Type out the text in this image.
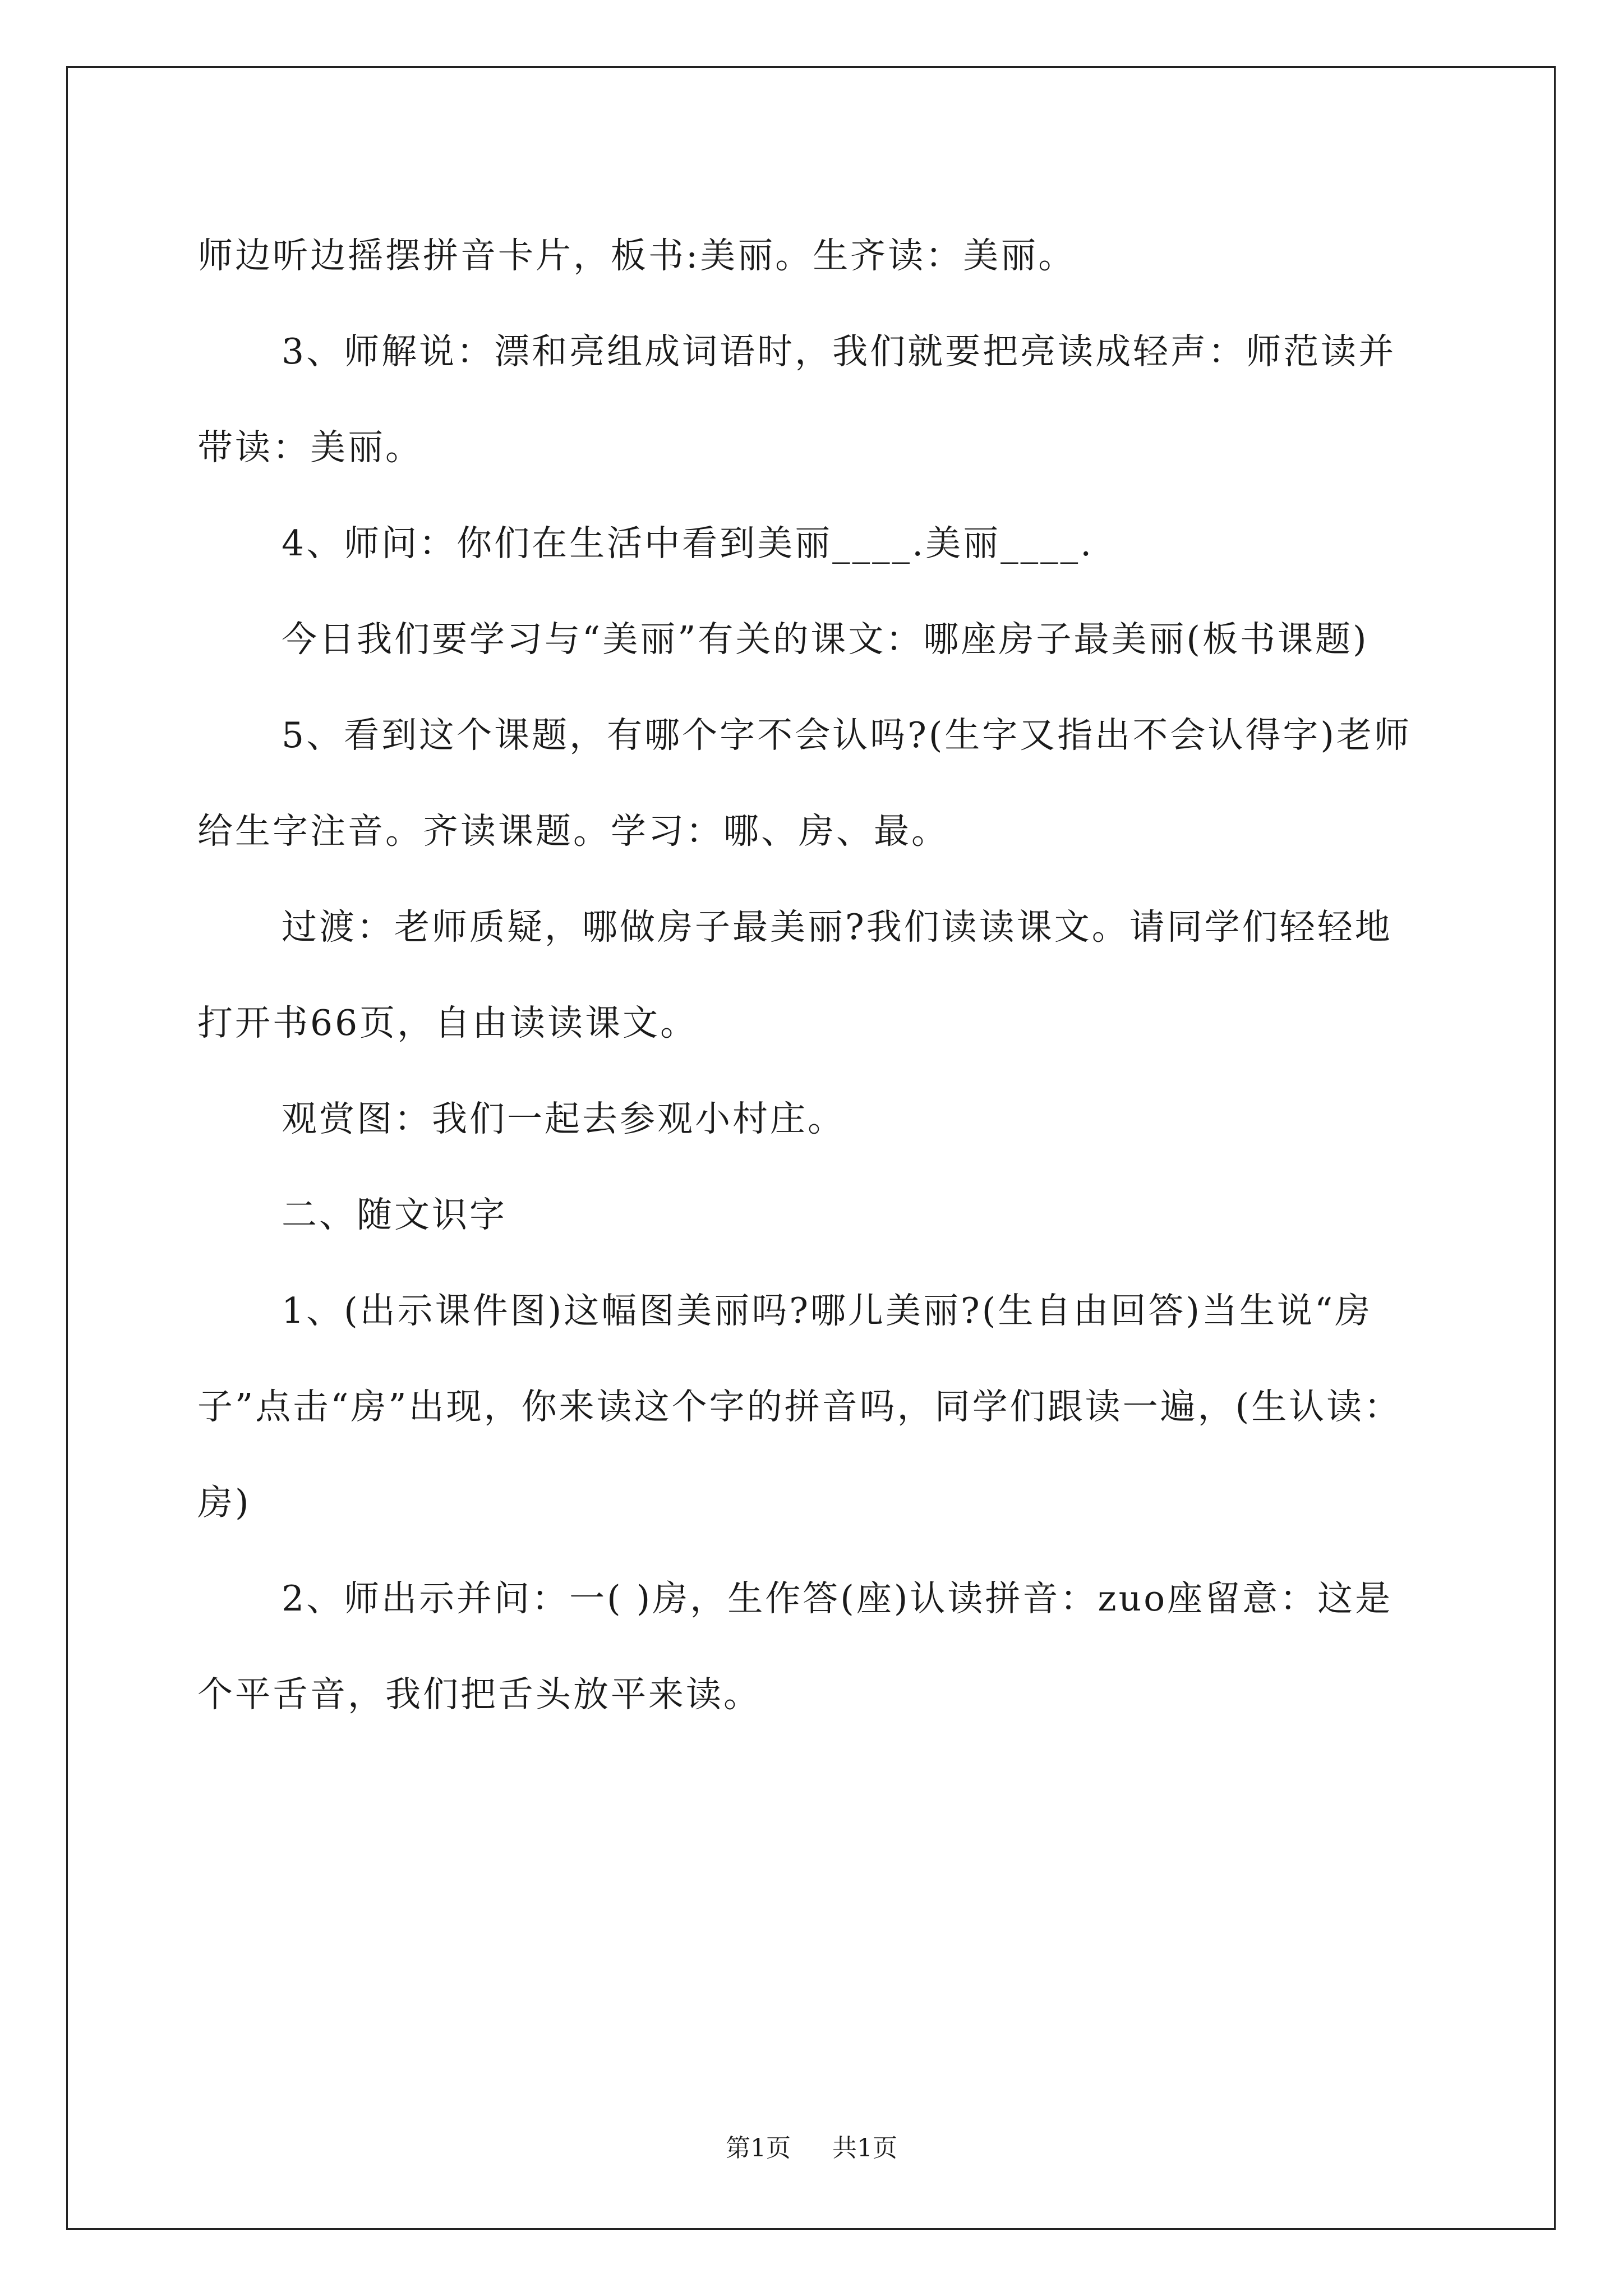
师边听边摇摆拼音卡片，板书:美丽。生齐读：美丽。

3、师解说：漂和亮组成词语时，我们就要把亮读成轻声：师范读并带读：美丽。

4、师问：你们在生活中看到美丽____.美丽____.

今日我们要学习与“美丽”有关的课文：哪座房子最美丽(板书课题)

5、看到这个课题，有哪个字不会认吗?(生字又指出不会认得字)老师给生字注音。齐读课题。学习：哪、房、最。

过渡：老师质疑，哪做房子最美丽?我们读读课文。请同学们轻轻地打开书66页，自由读读课文。

观赏图：我们一起去参观小村庄。

二、随文识字

1、(出示课件图)这幅图美丽吗?哪儿美丽?(生自由回答)当生说“房子”点击“房”出现，你来读这个字的拼音吗，同学们跟读一遍，(生认读：房)

2、师出示并问：一( )房，生作答(座)认读拼音：zuo座留意：这是个平舌音，我们把舌头放平来读。

第1页 共1页
